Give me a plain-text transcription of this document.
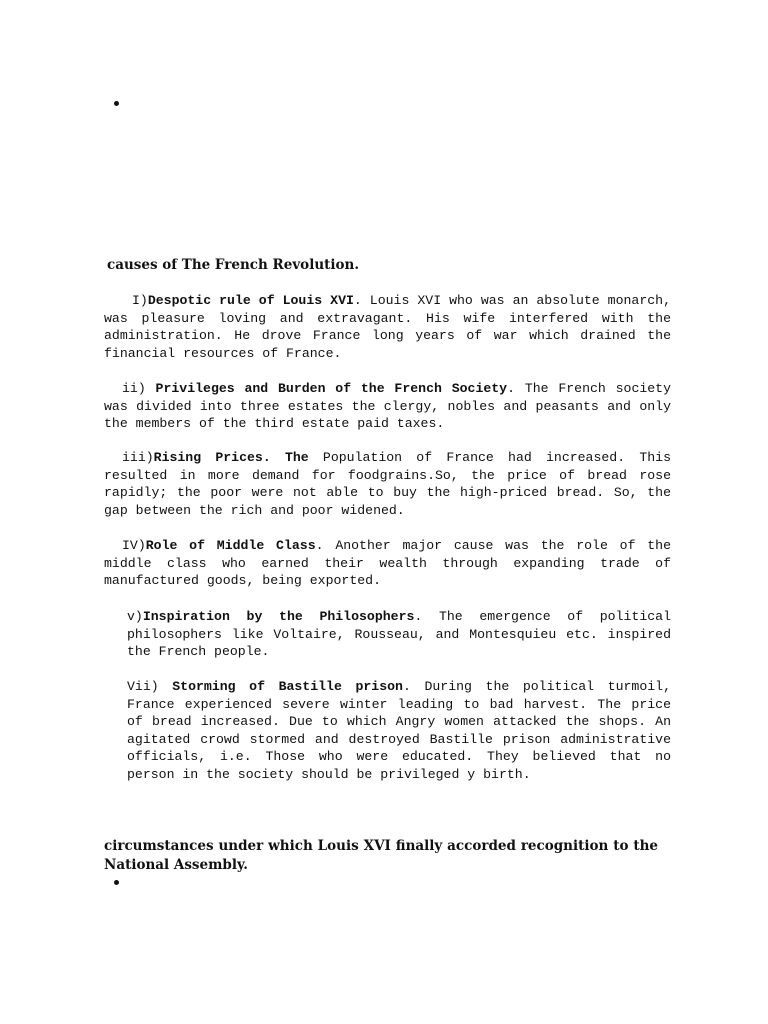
causes of The French Revolution.

I)Despotic rule of Louis XVI. Louis XVI who was an absolute monarch, was pleasure loving and extravagant. His wife interfered with the administration. He drove France long years of war which drained the financial resources of France.

ii) Privileges and Burden of the French Society. The French society was divided into three estates the clergy, nobles and peasants and only the members of the third estate paid taxes.

iii)Rising Prices. The Population of France had increased. This resulted in more demand for foodgrains.So, the price of bread rose rapidly; the poor were not able to buy the high-priced bread. So, the gap between the rich and poor widened.

IV)Role of Middle Class. Another major cause was the role of the middle class who earned their wealth through expanding trade of manufactured goods, being exported.

v)Inspiration by the Philosophers. The emergence of political philosophers like Voltaire, Rousseau, and Montesquieu etc. inspired the French people.

Vii) Storming of Bastille prison. During the political turmoil, France experienced severe winter leading to bad harvest. The price of bread increased. Due to which Angry women attacked the shops. An agitated crowd stormed and destroyed Bastille prison administrative officials, i.e. Those who were educated. They believed that no person in the society should be privileged y birth.

circumstances under which Louis XVI finally accorded recognition to the National Assembly.
